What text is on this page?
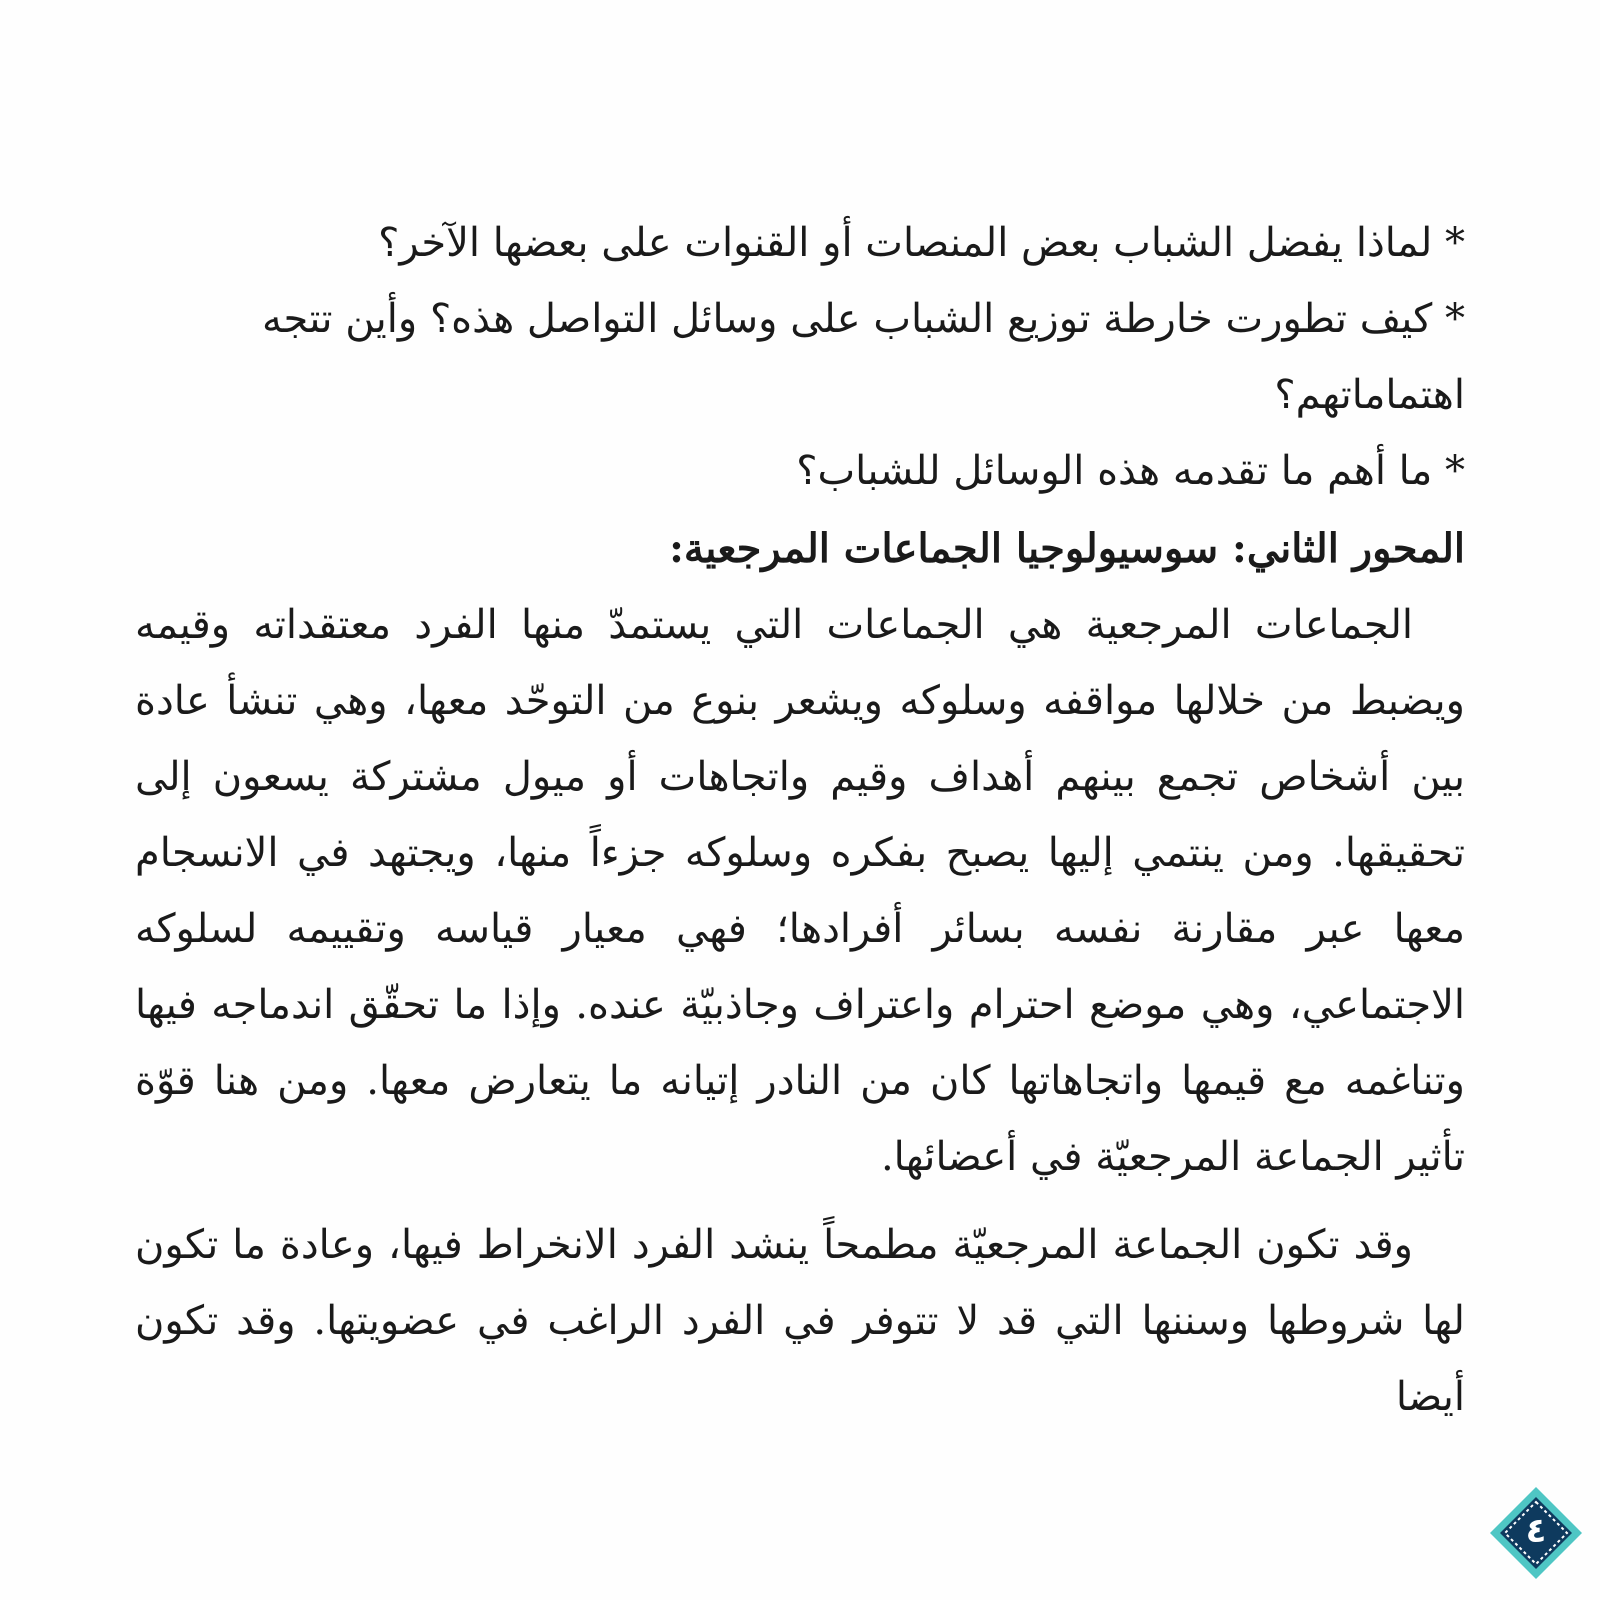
* لماذا يفضل الشباب بعض المنصات أو القنوات على بعضها الآخر؟

* كيف تطورت خارطة توزيع الشباب على وسائل التواصل هذه؟ وأين تتجه اهتماماتهم؟

* ما أهم ما تقدمه هذه الوسائل للشباب؟

المحور الثاني: سوسيولوجيا الجماعات المرجعية:

الجماعات المرجعية هي الجماعات التي يستمدّ منها الفرد معتقداته وقيمه ويضبط من خلالها مواقفه وسلوكه ويشعر بنوع من التوحّد معها، وهي تنشأ عادة بين أشخاص تجمع بينهم أهداف وقيم واتجاهات أو ميول مشتركة يسعون إلى تحقيقها. ومن ينتمي إليها يصبح بفكره وسلوكه جزءاً منها، ويجتهد في الانسجام معها عبر مقارنة نفسه بسائر أفرادها؛ فهي معيار قياسه وتقييمه لسلوكه الاجتماعي، وهي موضع احترام واعتراف وجاذبيّة عنده. وإذا ما تحقّق اندماجه فيها وتناغمه مع قيمها واتجاهاتها كان من النادر إتيانه ما يتعارض معها. ومن هنا قوّة تأثير الجماعة المرجعيّة في أعضائها.

وقد تكون الجماعة المرجعيّة مطمحاً ينشد الفرد الانخراط فيها، وعادة ما تكون لها شروطها وسننها التي قد لا تتوفر في الفرد الراغب في عضويتها. وقد تكون أيضا

٤
